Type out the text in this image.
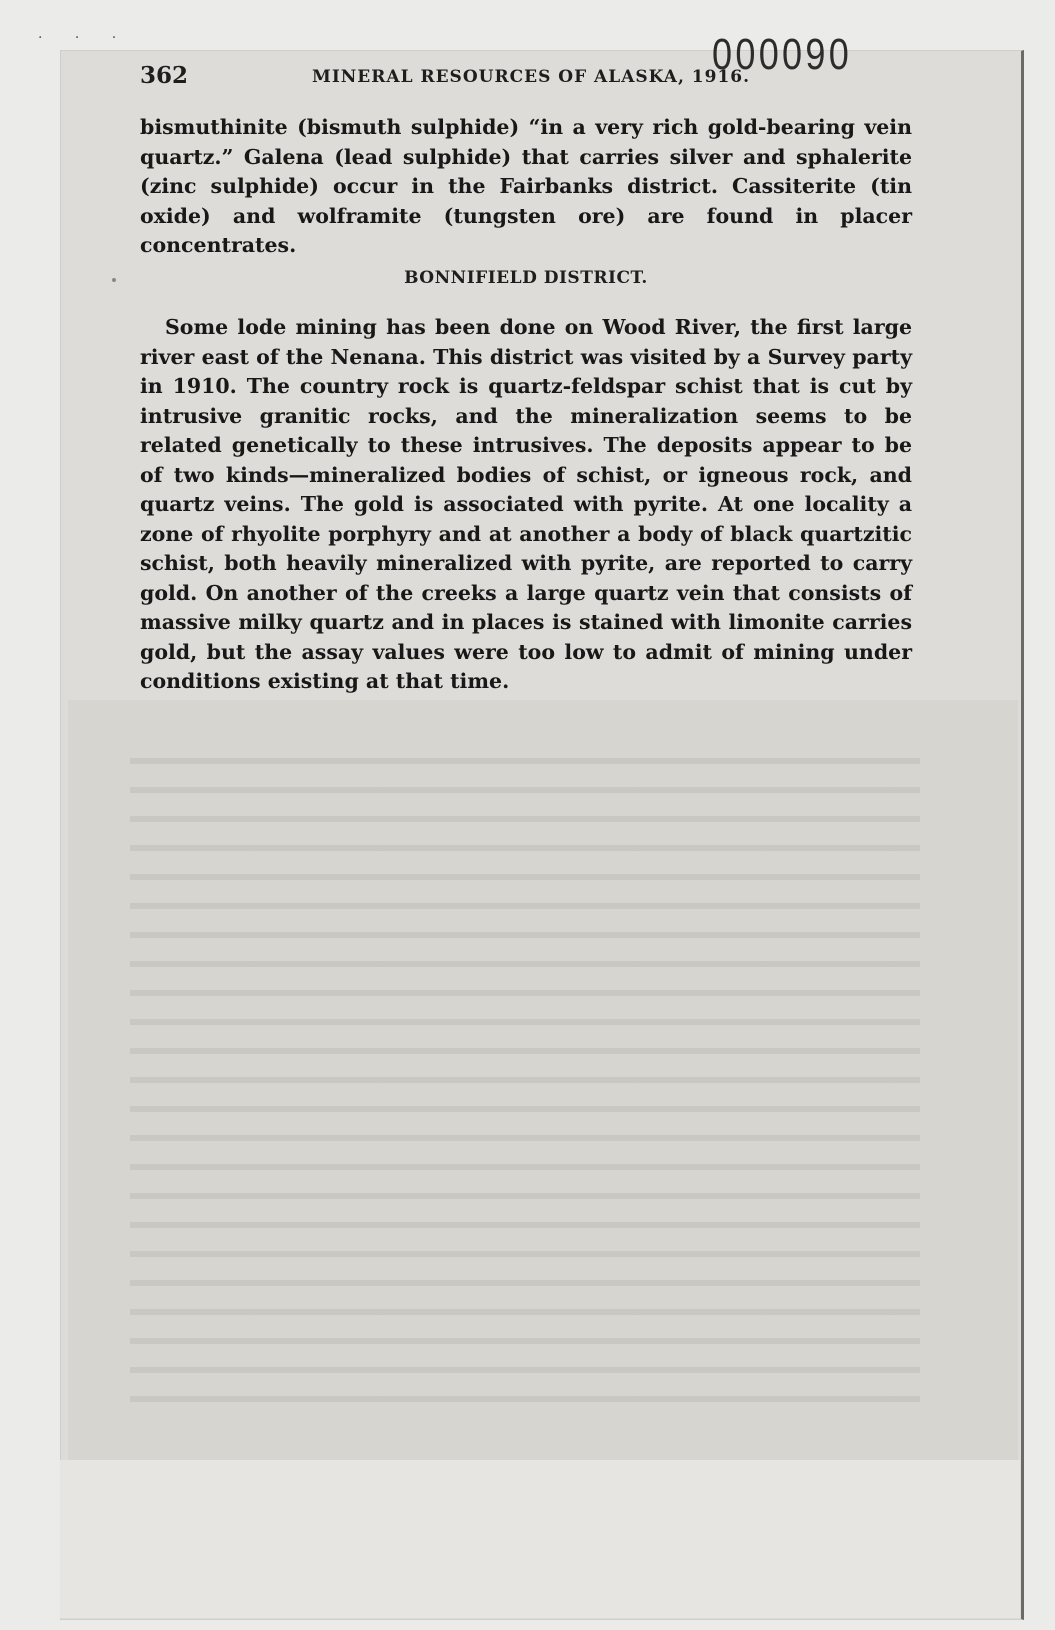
· · ·	000090
362	MINERAL RESOURCES OF ALASKA, 1916.

bismuthinite (bismuth sulphide) “in a very rich gold-bearing vein quartz.” Galena (lead sulphide) that carries silver and sphalerite (zinc sulphide) occur in the Fairbanks district. Cassiterite (tin oxide) and wolframite (tungsten ore) are found in placer concentrates.

BONNIFIELD DISTRICT.

Some lode mining has been done on Wood River, the first large river east of the Nenana. This district was visited by a Survey party in 1910. The country rock is quartz-feldspar schist that is cut by intrusive granitic rocks, and the mineralization seems to be related genetically to these intrusives. The deposits appear to be of two kinds—mineralized bodies of schist, or igneous rock, and quartz veins. The gold is associated with pyrite. At one locality a zone of rhyolite porphyry and at another a body of black quartzitic schist, both heavily mineralized with pyrite, are reported to carry gold. On another of the creeks a large quartz vein that consists of massive milky quartz and in places is stained with limonite carries gold, but the assay values were too low to admit of mining under conditions existing at that time.
